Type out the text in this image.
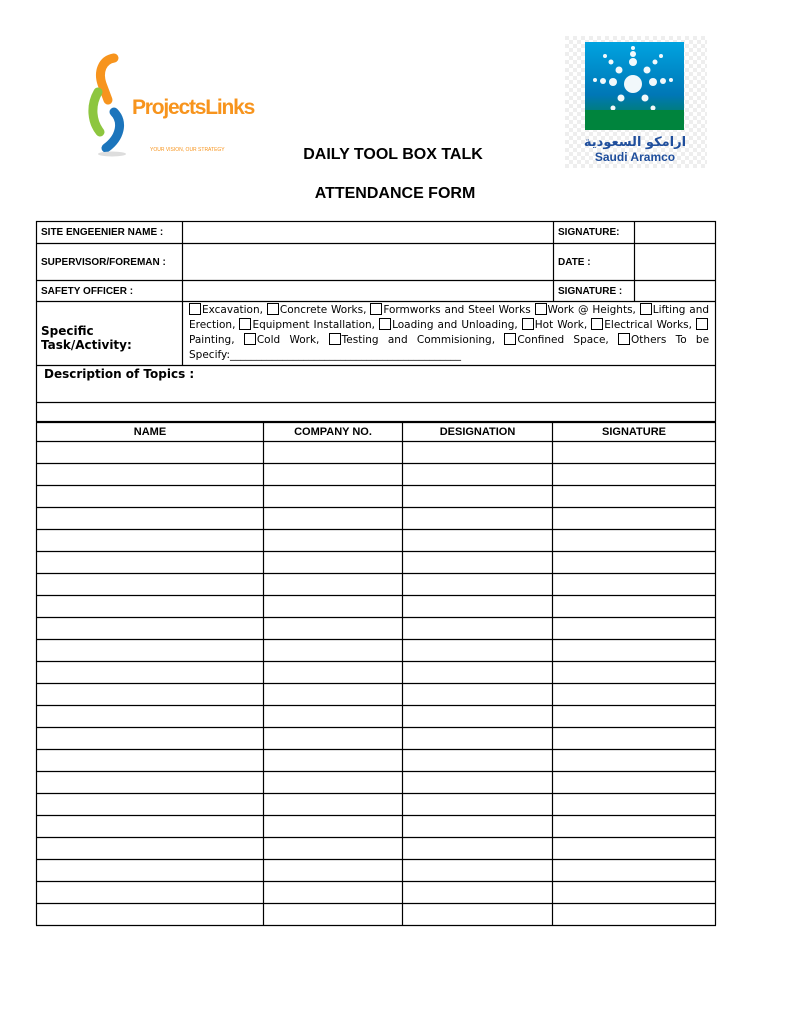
ProjectsLinks
YOUR VISION, OUR STRATEGY	ارامكو السعودية
Saudi Aramco
DAILY TOOL BOX TALK
ATTENDANCE FORM
SITE ENGEENIER NAME :	SIGNATURE:
SUPERVISOR/FOREMAN :	DATE :
SAFETY OFFICER :	SIGNATURE :
Specific Task/Activity:
Excavation, Concrete Works, Formworks and Steel Works Work @ Heights, Lifting and Erection, Equipment Installation, Loading and Unloading, Hot Work, Electrical Works, Painting, Cold Work, Testing and Commisioning, Confined Space, Others To be Specify:____________________________________________
Description of Topics :
NAME	COMPANY NO.	DESIGNATION	SIGNATURE
